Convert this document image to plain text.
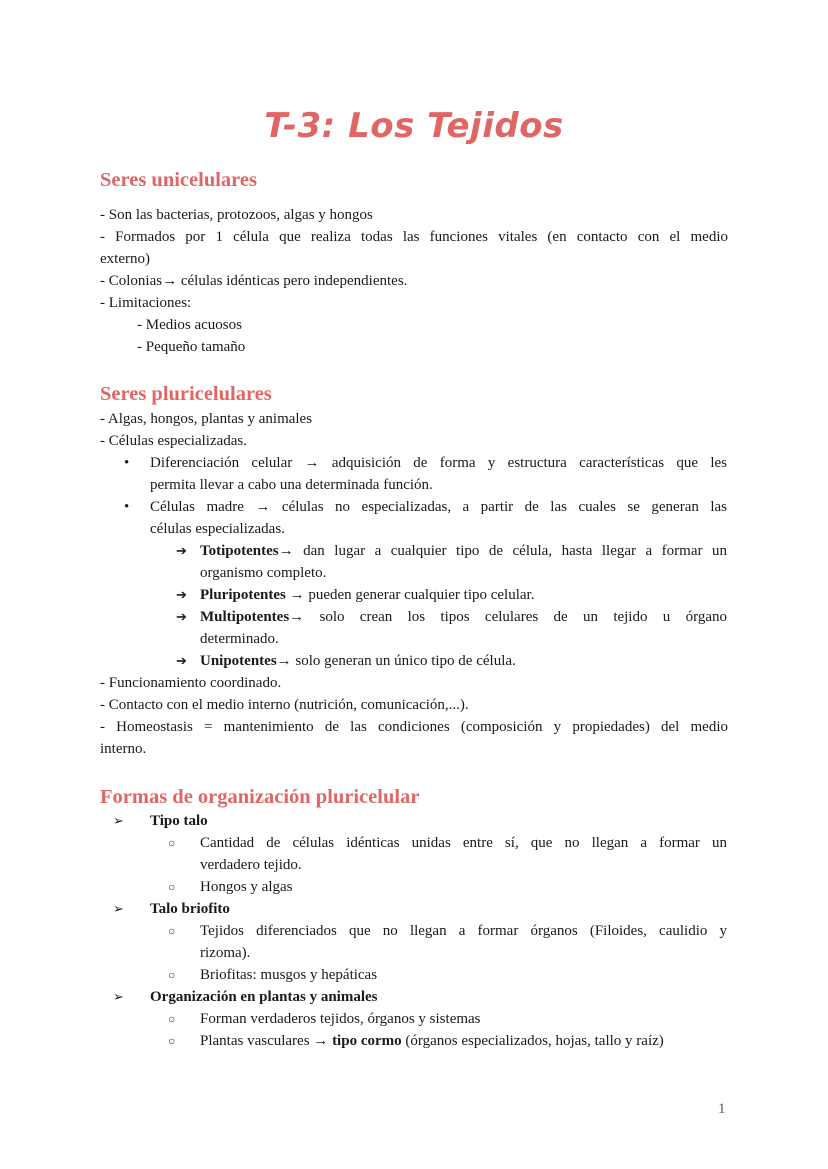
T-3: Los Tejidos
Seres unicelulares
- Son las bacterias, protozoos, algas y hongos
- Formados por 1 célula que realiza todas las funciones vitales (en contacto con el medio
externo)
- Colonias→ células idénticas pero independientes.
- Limitaciones:
- Medios acuosos
- Pequeño tamaño
Seres pluricelulares
- Algas, hongos, plantas y animales
- Células especializadas.
• Diferenciación celular → adquisición de forma y estructura características que les
permita llevar a cabo una determinada función.
• Células madre → células no especializadas, a partir de las cuales se generan las
células especializadas.
➔ Totipotentes→ dan lugar a cualquier tipo de célula, hasta llegar a formar un
organismo completo.
➔ Pluripotentes → pueden generar cualquier tipo celular.
➔ Multipotentes→ solo crean los tipos celulares de un tejido u órgano
determinado.
➔ Unipotentes→ solo generan un único tipo de célula.
- Funcionamiento coordinado.
- Contacto con el medio interno (nutrición, comunicación,...).
- Homeostasis = mantenimiento de las condiciones (composición y propiedades) del medio
interno.
Formas de organización pluricelular
➢ Tipo talo
○ Cantidad de células idénticas unidas entre sí, que no llegan a formar un
verdadero tejido.
○ Hongos y algas
➢ Talo briofito
○ Tejidos diferenciados que no llegan a formar órganos (Filoides, caulidio y
rizoma).
○ Briofitas: musgos y hepáticas
➢ Organización en plantas y animales
○ Forman verdaderos tejidos, órganos y sistemas
○ Plantas vasculares → tipo cormo (órganos especializados, hojas, tallo y raíz)
1
